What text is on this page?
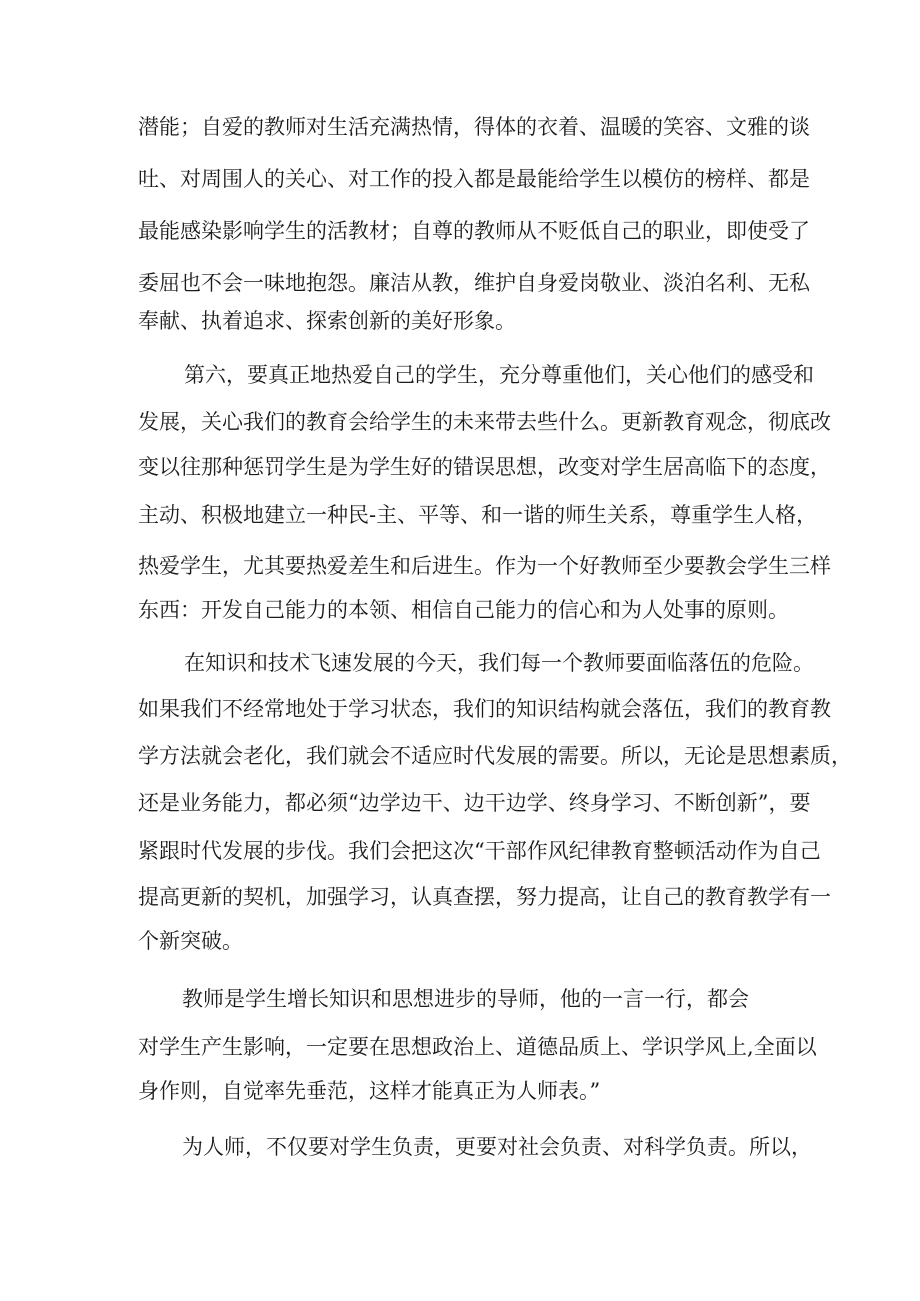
潜 能 ； 自 爱 的 教 师 对 生 活 充 满 热 情 ， 得 体 的 衣 着 、 温 暖 的 笑 容 、 文 雅 的 谈
吐 、 对 周 围 人 的 关 心 、 对 工 作 的 投 入 都 是 最 能 给 学 生 以 模 仿 的 榜 样 、 都 是
最 能 感 染 影 响 学 生 的 活 教 材 ； 自 尊 的 教 师 从 不 贬 低 自 己 的 职 业 ， 即 使 受 了
委 屈 也 不 会 一 味 地 抱 怨 。 廉 洁 从 教 ， 维 护 自 身 爱 岗 敬 业 、 淡 泊 名 利 、 无 私
奉献、执着追求、探索创新的美好形象。
第 六 ， 要 真 正 地 热 爱 自 己 的 学 生 ， 充 分 尊 重 他 们 ， 关 心 他 们 的 感 受 和
发 展 ， 关 心 我 们 的 教 育 会 给 学 生 的 未 来 带 去 些 什 么 。 更 新 教 育 观 念 ， 彻 底 改
变 以 往 那 种 惩 罚 学 生 是 为 学 生 好 的 错 误 思 想 ， 改 变 对 学 生 居 高 临 下 的 态 度 ，
主 动 、 积 极 地 建 立 一 种 民 - 主 、 平 等 、 和 一 谐 的 师 生 关 系 ， 尊 重 学 生 人 格 ，
热 爱 学 生 ， 尤 其 要 热 爱 差 生 和 后 进 生 。 作 为 一 个 好 教 师 至 少 要 教 会 学 生 三 样
东西：开发自己能力的本领、相信自己能力的信心和为人处事的原则。
在 知 识 和 技 术 飞 速 发 展 的 今 天 ， 我 们 每 一 个 教 师 要 面 临 落 伍 的 危 险 。
如 果 我 们 不 经 常 地 处 于 学 习 状 态 ， 我 们 的 知 识 结 构 就 会 落 伍 ， 我 们 的 教 育 教
学 方 法 就 会 老 化 ， 我 们 就 会 不 适 应 时 代 发 展 的 需 要 。 所 以 ， 无 论 是 思 想 素 质 ，
还 是 业 务 能 力 ， 都 必 须 “ 边 学 边 干 、 边 干 边 学 、 终 身 学 习 、 不 断 创 新 ” ， 要
紧 跟 时 代 发 展 的 步 伐 。 我 们 会 把 这 次 “ 干 部 作 风 纪 律 教 育 整 顿 活 动 作 为 自 己
提 高 更 新 的 契 机 ， 加 强 学 习 ， 认 真 查 摆 ， 努 力 提 高 ， 让 自 己 的 教 育 教 学 有 一
个新突破。
教师是学生增长知识和思想进步的导师，他的一言一行，都会
对 学 生 产 生 影 响 ， 一 定 要 在 思 想 政 治 上 、 道 德 品 质 上 、 学 识 学 风 上 , 全 面 以
身作则，自觉率先垂范，这样才能真正为人师表。”
为 人 师 ， 不 仅 要 对 学 生 负 责 ， 更 要 对 社 会 负 责 、 对 科 学 负 责 。 所 以 ，
